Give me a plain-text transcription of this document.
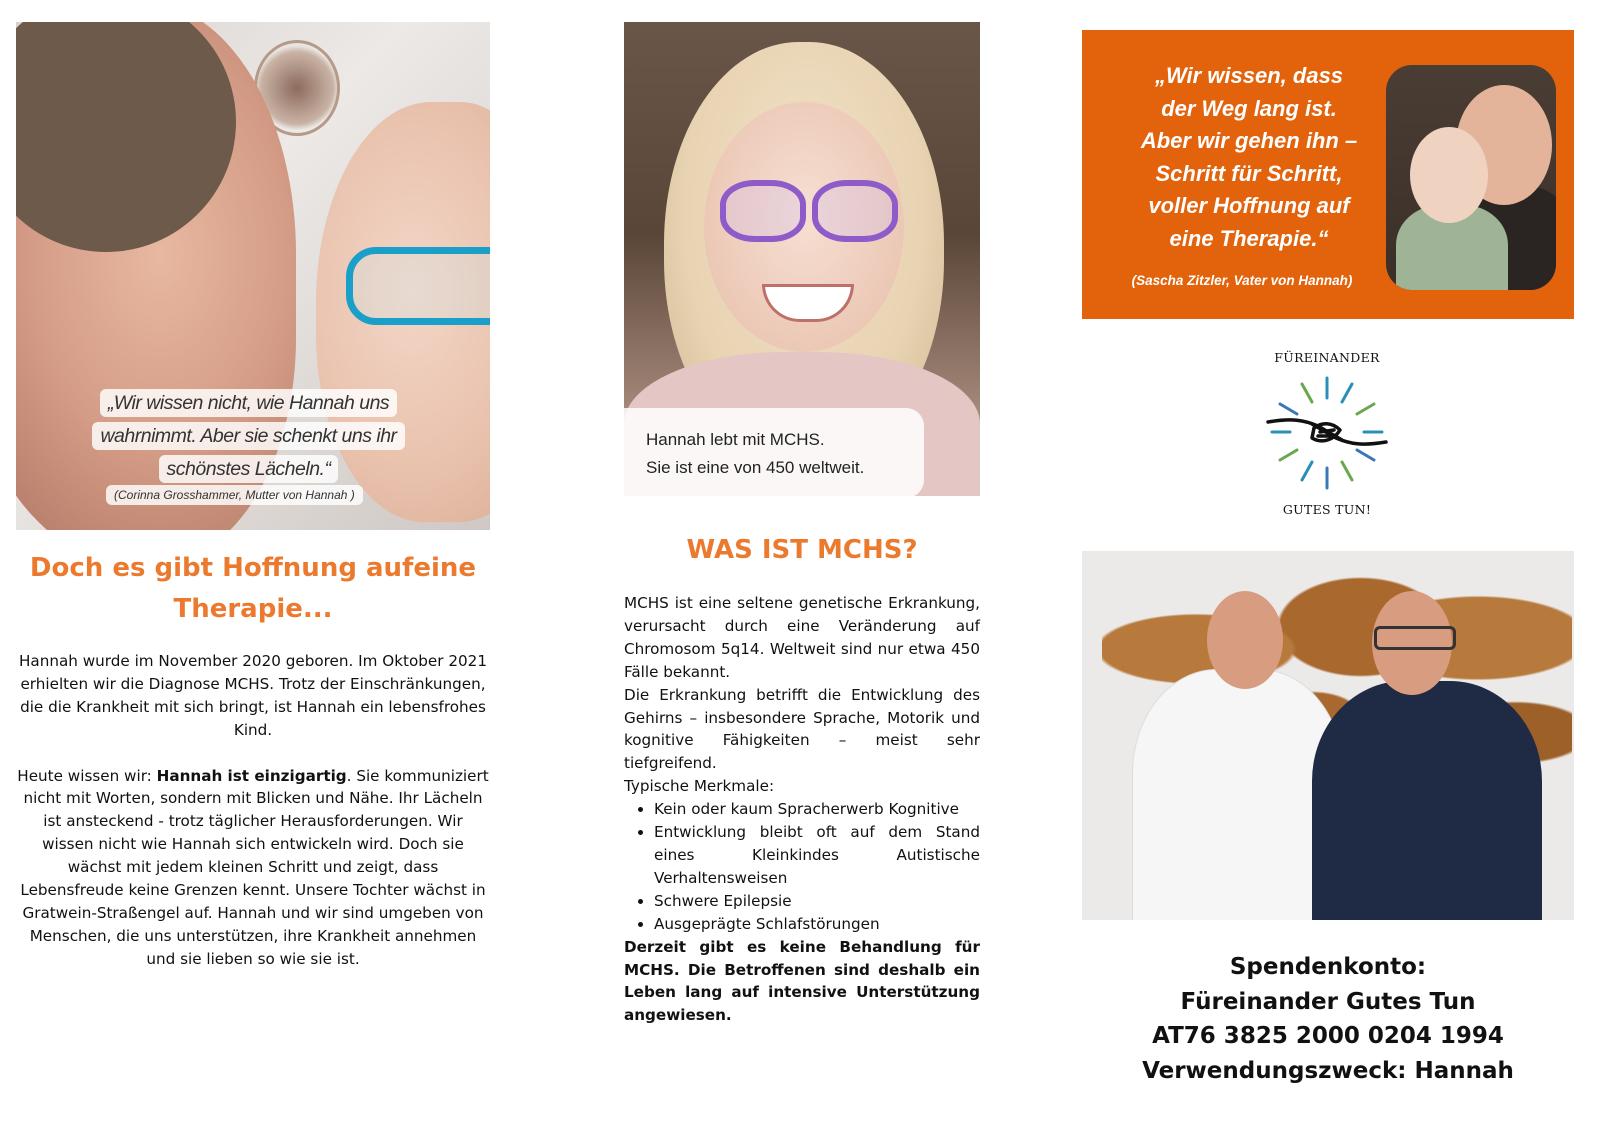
„Wir wissen nicht, wie Hannah uns
wahrnimmt. Aber sie schenkt uns ihr
schönstes Lächeln.“
(Corinna Grosshammer, Mutter von Hannah )
Doch es gibt Hoffnung aufeine
Therapie...

Hannah wurde im November 2020 geboren. Im Oktober 2021 erhielten wir die Diagnose MCHS. Trotz der Einschränkungen, die die Krankheit mit sich bringt, ist Hannah ein lebensfrohes Kind.

Heute wissen wir: Hannah ist einzigartig. Sie kommuniziert nicht mit Worten, sondern mit Blicken und Nähe. Ihr Lächeln ist ansteckend - trotz täglicher Herausforderungen. Wir wissen nicht wie Hannah sich entwickeln wird. Doch sie wächst mit jedem kleinen Schritt und zeigt, dass Lebensfreude keine Grenzen kennt. Unsere Tochter wächst in Gratwein-Straßengel auf. Hannah und wir sind umgeben von Menschen, die uns unterstützen, ihre Krankheit annehmen und sie lieben so wie sie ist.

Hannah lebt mit MCHS.
Sie ist eine von 450 weltweit.
WAS IST MCHS?

MCHS ist eine seltene genetische Erkrankung, verursacht durch eine Veränderung auf Chromosom 5q14. Weltweit sind nur etwa 450 Fälle bekannt.

Die Erkrankung betrifft die Entwicklung des Gehirns – insbesondere Sprache, Motorik und kognitive Fähigkeiten – meist sehr tiefgreifend.

Typische Merkmale:

• Kein oder kaum Spracherwerb Kognitive
• Entwicklung bleibt oft auf dem Stand eines Kleinkindes Autistische Verhaltensweisen
• Schwere Epilepsie
• Ausgeprägte Schlafstörungen

Derzeit gibt es keine Behandlung für MCHS. Die Betroffenen sind deshalb ein Leben lang auf intensive Unterstützung angewiesen.

„Wir wissen, dass
der Weg lang ist.
Aber wir gehen ihn –
Schritt für Schritt,
voller Hoffnung auf
eine Therapie.“
(Sascha Zitzler, Vater von Hannah)
FÜREINANDER
GUTES TUN!
Spendenkonto:
Füreinander Gutes Tun
AT76 3825 2000 0204 1994
Verwendungszweck: Hannah
